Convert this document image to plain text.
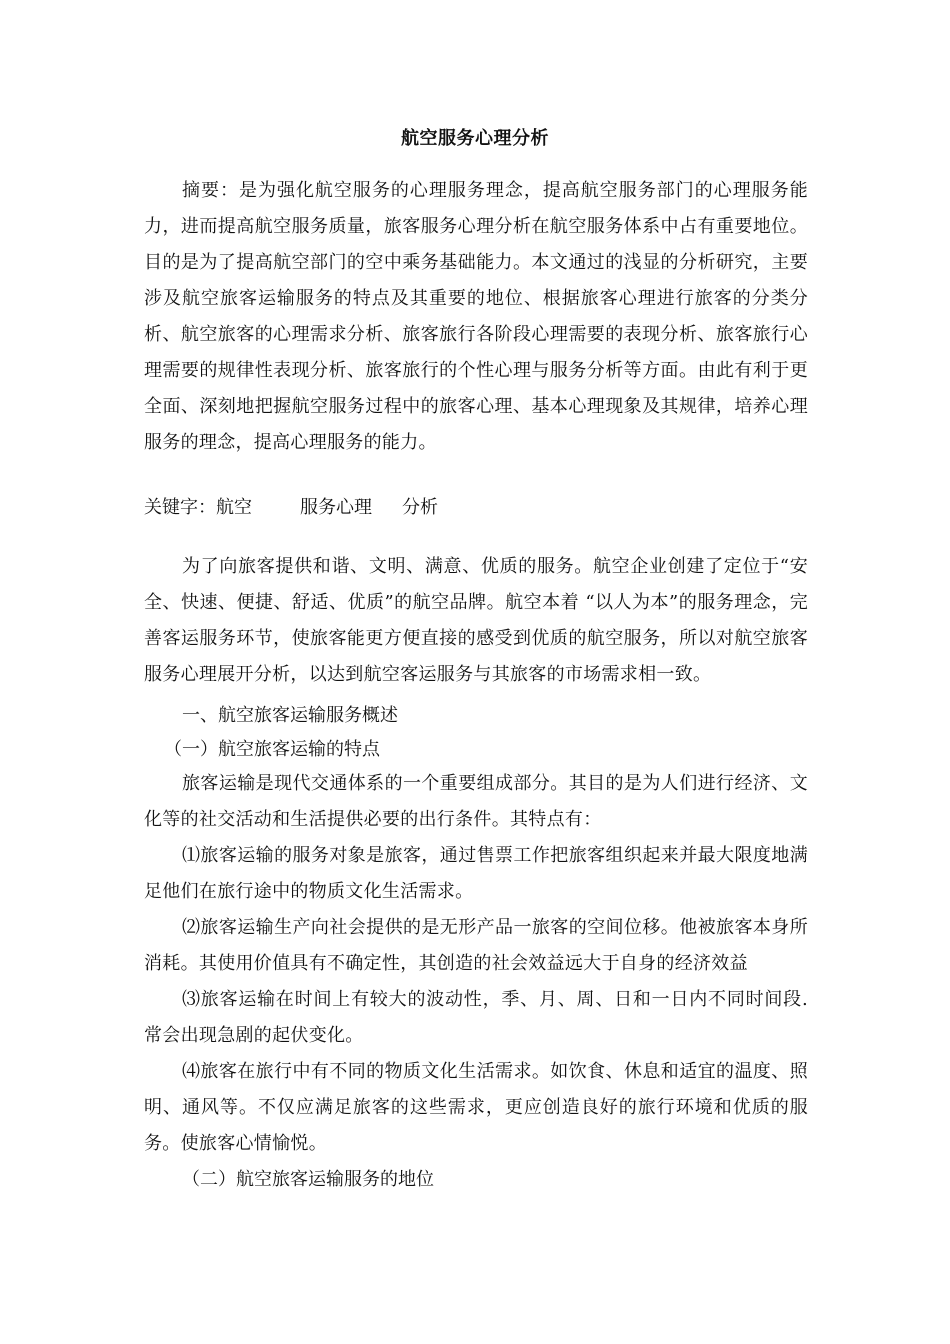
航空服务心理分析

摘要：是为强化航空服务的心理服务理念，提高航空服务部门的心理服务能力，进而提高航空服务质量，旅客服务心理分析在航空服务体系中占有重要地位。目的是为了提高航空部门的空中乘务基础能力。本文通过的浅显的分析研究，主要涉及航空旅客运输服务的特点及其重要的地位、根据旅客心理进行旅客的分类分析、航空旅客的心理需求分析、旅客旅行各阶段心理需要的表现分析、旅客旅行心理需要的规律性表现分析、旅客旅行的个性心理与服务分析等方面。由此有利于更全面、深刻地把握航空服务过程中的旅客心理、基本心理现象及其规律，培养心理服务的理念，提高心理服务的能力。

关键字：航空	服务心理 分析

为了向旅客提供和谐、文明、满意、优质的服务。航空企业创建了定位于“安全、快速、便捷、舒适、优质”的航空品牌。航空本着 “以人为本”的服务理念，完善客运服务环节，使旅客能更方便直接的感受到优质的航空服务，所以对航空旅客服务心理展开分析，以达到航空客运服务与其旅客的市场需求相一致。

一、航空旅客运输服务概述
（一）航空旅客运输的特点

旅客运输是现代交通体系的一个重要组成部分。其目的是为人们进行经济、文化等的社交活动和生活提供必要的出行条件。其特点有：

⑴旅客运输的服务对象是旅客，通过售票工作把旅客组织起来并最大限度地满足他们在旅行途中的物质文化生活需求。

⑵旅客运输生产向社会提供的是无形产品一旅客的空间位移。他被旅客本身所消耗。其使用价值具有不确定性，其创造的社会效益远大于自身的经济效益

⑶旅客运输在时间上有较大的波动性，季、月、周、日和一日内不同时间段.常会出现急剧的起伏变化。

⑷旅客在旅行中有不同的物质文化生活需求。如饮食、休息和适宜的温度、照明、通风等。不仅应满足旅客的这些需求，更应创造良好的旅行环境和优质的服务。使旅客心情愉悦。

（二）航空旅客运输服务的地位
